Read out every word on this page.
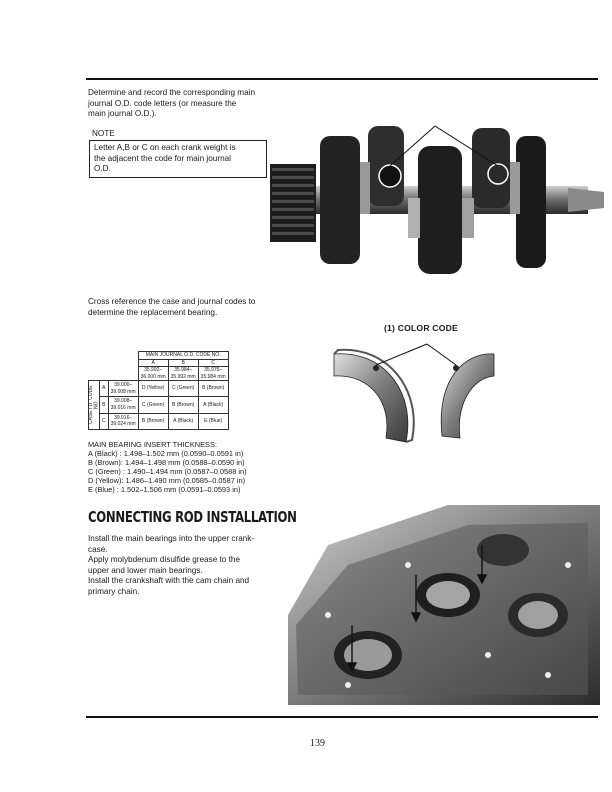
Determine and record the corresponding main
journal O.D. code letters (or measure the
main journal O.D.).
NOTE
Letter A,B or C on each crank weight is
the adjacent the code for main journal
O.D.
Cross reference the case and journal codes to
determine the replacement bearing.
			MAIN JOURNAL O.D. CODE NO.		
			A	B	C
			35.992–
36.000 mm	35.984–
35.992 mm	35.975–
35.984 mm

CASE I.D. CODE NO.	A	39.000–
39.008 mm	D (Yellow)	C (Green)	B (Brown)
	B	39.008–
39.016 mm	C (Green)	B (Brown)	A (Black)
	C	39.016–
39.024 mm	B (Brown)	A (Black)	E (Blue)
(1) COLOR CODE
MAIN BEARING INSERT THICKNESS:
A (Black) : 1.498–1.502 mm (0.0590–0.0591 in)
B (Brown): 1.494–1.498 mm (0.0588–0.0590 in)
C (Green) : 1.490–1.494 mm (0.0587–0.0588 in)
D (Yellow): 1.486–1.490 mm (0.0585–0.0587 in)
E (Blue) : 1.502–1.506 mm (0.0591–0.0593 in)
CONNECTING ROD INSTALLATION
Install the main bearings into the upper crank-
case.
Apply molybdenum disulfide grease to the
upper and lower main bearings.
Install the crankshaft with the cam chain and
primary chain.
139
